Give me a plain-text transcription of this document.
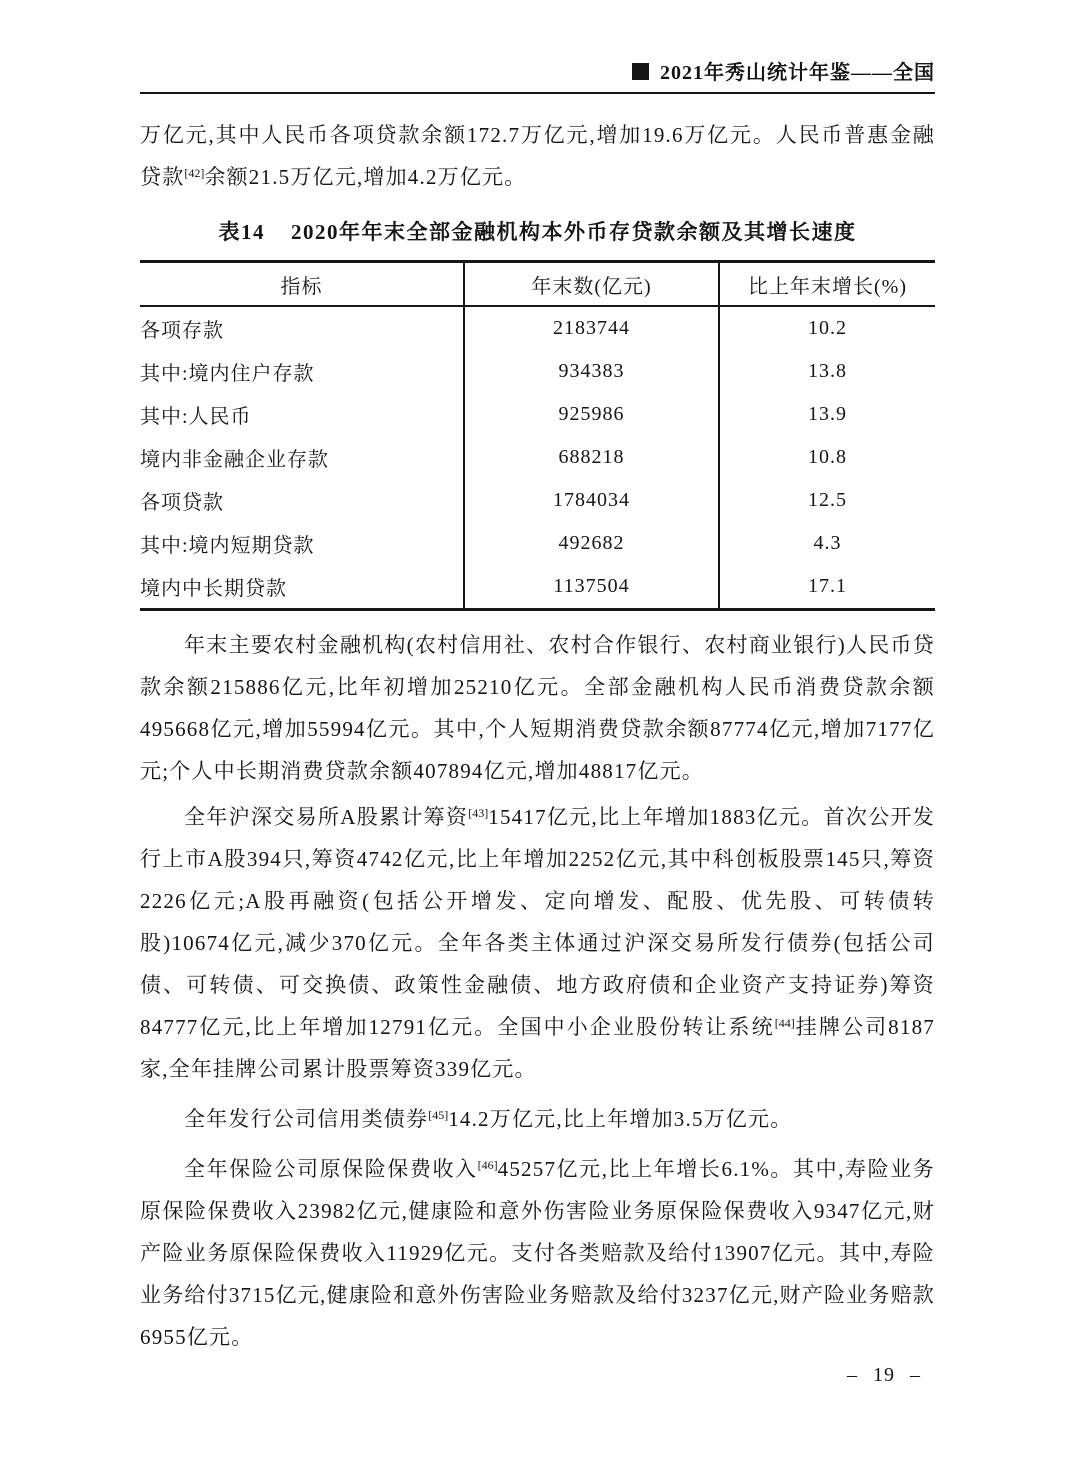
2021年秀山统计年鉴——全国

万亿元,其中人民币各项贷款余额172.7万亿元,增加19.6万亿元。人民币普惠金融贷款[42]余额21.5万亿元,增加4.2万亿元。

表14 2020年年末全部金融机构本外币存贷款余额及其增长速度
指标	年末数(亿元)	比上年末增长(%)
各项存款	2183744	10.2
其中:境内住户存款	934383	13.8
其中:人民币	925986	13.9
境内非金融企业存款	688218	10.8
各项贷款	1784034	12.5
其中:境内短期贷款	492682	4.3
境内中长期贷款	1137504	17.1

年末主要农村金融机构(农村信用社、农村合作银行、农村商业银行)人民币贷款余额215886亿元,比年初增加25210亿元。全部金融机构人民币消费贷款余额495668亿元,增加55994亿元。其中,个人短期消费贷款余额87774亿元,增加7177亿元;个人中长期消费贷款余额407894亿元,增加48817亿元。

全年沪深交易所A股累计筹资[43]15417亿元,比上年增加1883亿元。首次公开发行上市A股394只,筹资4742亿元,比上年增加2252亿元,其中科创板股票145只,筹资2226亿元;A股再融资(包括公开增发、定向增发、配股、优先股、可转债转股)10674亿元,减少370亿元。全年各类主体通过沪深交易所发行债券(包括公司债、可转债、可交换债、政策性金融债、地方政府债和企业资产支持证券)筹资84777亿元,比上年增加12791亿元。全国中小企业股份转让系统[44]挂牌公司8187家,全年挂牌公司累计股票筹资339亿元。

全年发行公司信用类债券[45]14.2万亿元,比上年增加3.5万亿元。

全年保险公司原保险保费收入[46]45257亿元,比上年增长6.1%。其中,寿险业务原保险保费收入23982亿元,健康险和意外伤害险业务原保险保费收入9347亿元,财产险业务原保险保费收入11929亿元。支付各类赔款及给付13907亿元。其中,寿险业务给付3715亿元,健康险和意外伤害险业务赔款及给付3237亿元,财产险业务赔款6955亿元。

– 19 –
